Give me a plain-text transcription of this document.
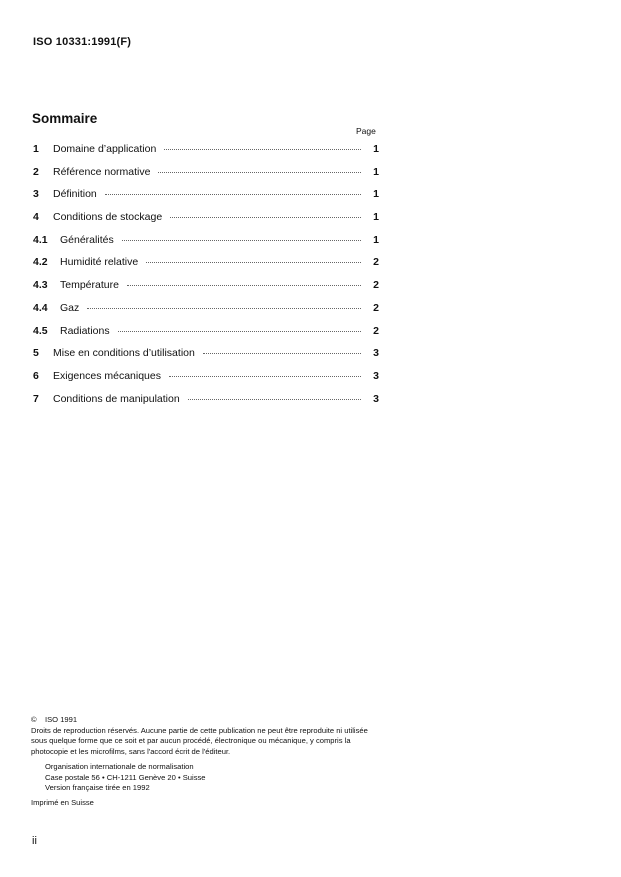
ISO 10331:1991(F)
Sommaire
Page
1	Domaine d’application	1
2	Référence normative	1
3	Définition	1
4	Conditions de stockage	1
4.1	Généralités	1
4.2	Humidité relative	2
4.3	Température	2
4.4	Gaz	2
4.5	Radiations	2
5	Mise en conditions d’utilisation	3
6	Exigences mécaniques	3
7	Conditions de manipulation	3
© ISO 1991
Droits de reproduction réservés. Aucune partie de cette publication ne peut être reproduite ni utilisée sous quelque forme que ce soit et par aucun procédé, électronique ou mécanique, y compris la photocopie et les microfilms, sans l'accord écrit de l'éditeur.
Organisation internationale de normalisation
Case postale 56 • CH-1211 Genève 20 • Suisse
Version française tirée en 1992
Imprimé en Suisse
ii
